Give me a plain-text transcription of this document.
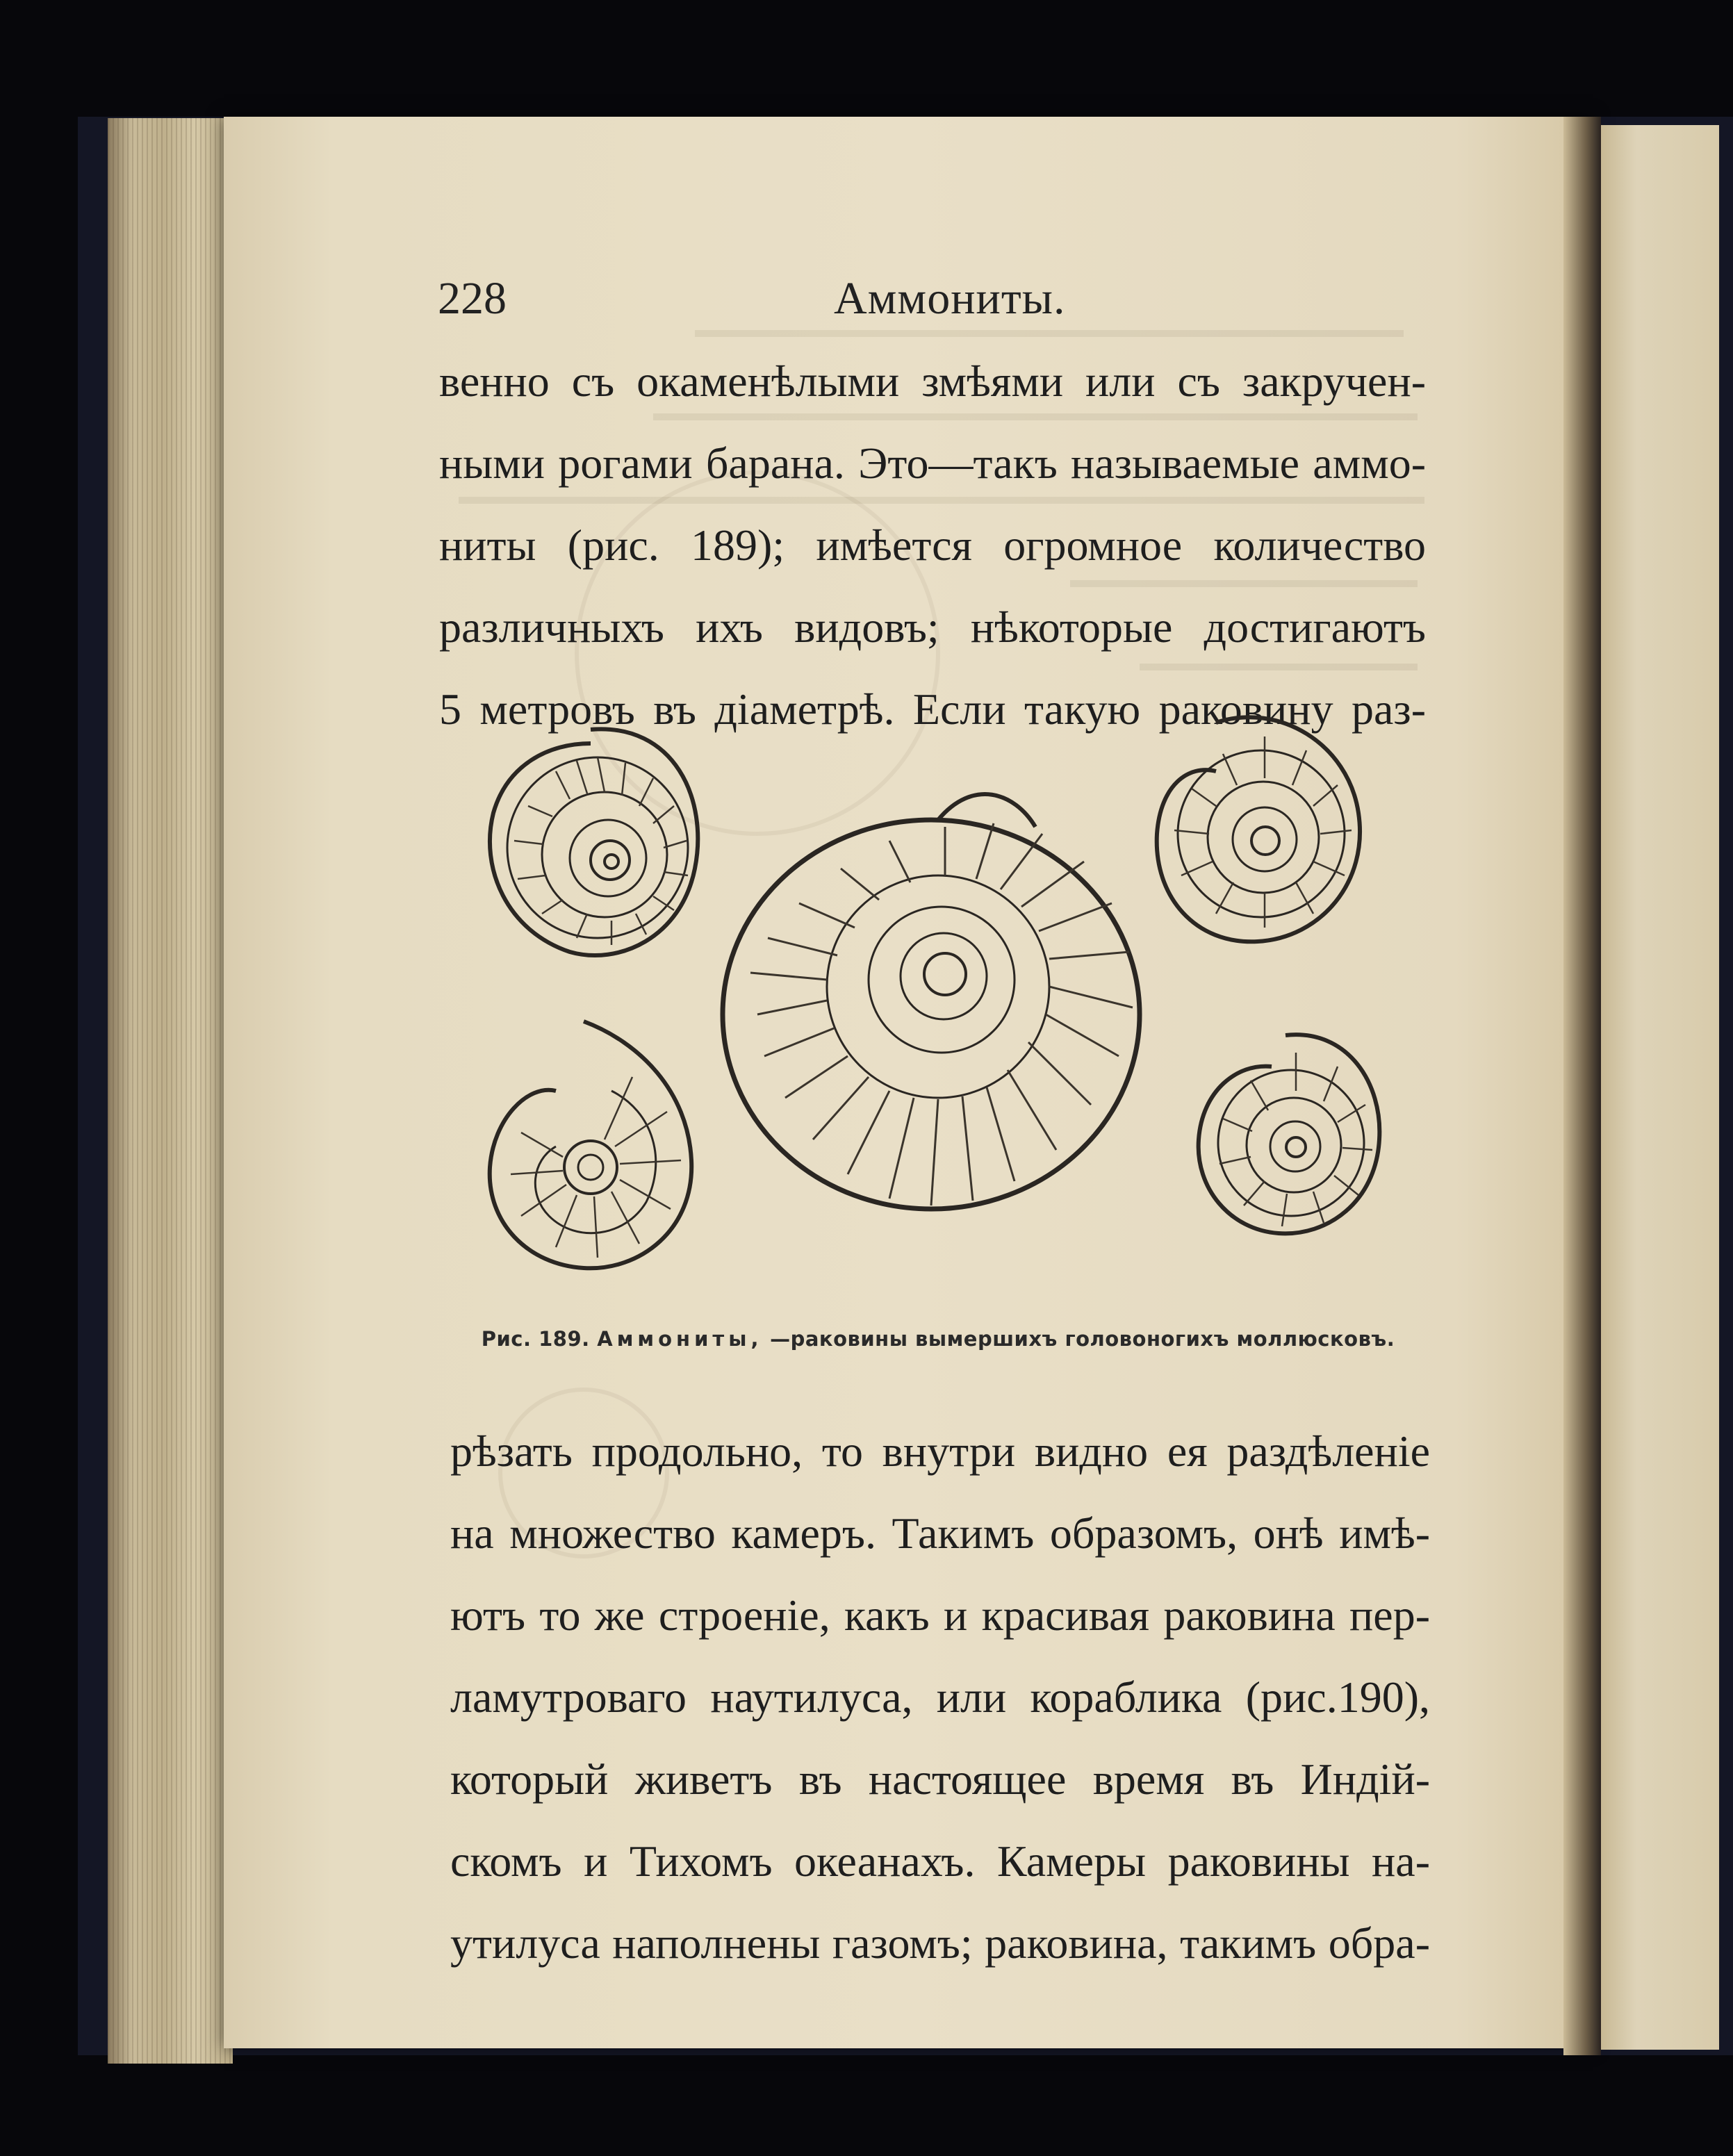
228	Аммониты.
венно съ окаменѣлыми змѣями или съ закручен-
ными рогами барана. Это—такъ называемые аммо-
ниты (рис. 189); имѣется огромное количество
различныхъ ихъ видовъ; нѣкоторые достигаютъ
5 метровъ въ діаметрѣ. Если такую раковину раз-
Рис. 189. Аммониты, —раковины вымершихъ головоногихъ моллюсковъ.
рѣзать продольно, то внутри видно ея раздѣленіе
на множество камеръ. Такимъ образомъ, онѣ имѣ-
ютъ то же строеніе, какъ и красивая раковина пер-
ламутроваго наутилуса, или кораблика (рис.190),
который живетъ въ настоящее время въ Индій-
скомъ и Тихомъ океанахъ. Камеры раковины на-
утилуса наполнены газомъ; раковина, такимъ обра-
